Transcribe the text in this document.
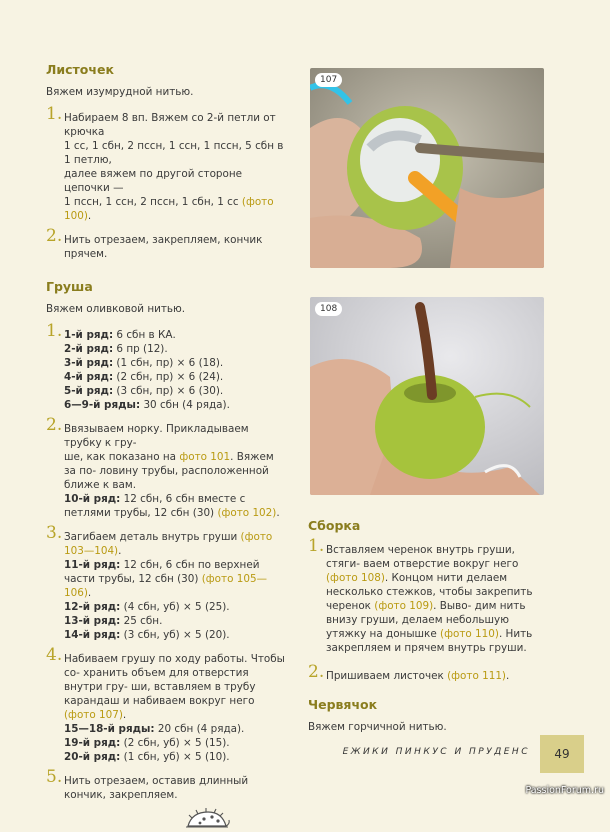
Листочек
Вяжем изумрудной нитью.
1. Набираем 8 вп. Вяжем со 2-й петли от крючка
1 сс, 1 сбн, 2 пссн, 1 ссн, 1 пссн, 5 сбн в 1 петлю,
далее вяжем по другой стороне цепочки —
1 пссн, 1 ссн, 2 пссн, 1 сбн, 1 сс (фото 100).
2. Нить отрезаем, закрепляем, кончик прячем.
Груша
Вяжем оливковой нитью.
1. 1-й ряд: 6 сбн в КА.
2-й ряд: 6 пр (12).
3-й ряд: (1 сбн, пр) × 6 (18).
4-й ряд: (2 сбн, пр) × 6 (24).
5-й ряд: (3 сбн, пр) × 6 (30).
6—9-й ряды: 30 сбн (4 ряда).
2. Ввязываем норку. Прикладываем трубку к гру-
ше, как показано на фото 101. Вяжем за по- ловину трубы, расположенной ближе к вам.
10-й ряд: 12 сбн, 6 сбн вместе с петлями трубы, 12 сбн (30) (фото 102).
3. Загибаем деталь внутрь груши (фото 103—104).
11-й ряд: 12 сбн, 6 сбн по верхней части трубы, 12 сбн (30) (фото 105—106).
12-й ряд: (4 сбн, уб) × 5 (25).
13-й ряд: 25 сбн.
14-й ряд: (3 сбн, уб) × 5 (20).
4. Набиваем грушу по ходу работы. Чтобы со- хранить объем для отверстия внутри гру- ши, вставляем в трубу карандаш и набиваем вокруг него (фото 107).
15—18-й ряды: 20 сбн (4 ряда).
19-й ряд: (2 сбн, уб) × 5 (15).
20-й ряд: (1 сбн, уб) × 5 (10).
5. Нить отрезаем, оставив длинный кончик, закрепляем.
107
108
Сборка
1. Вставляем черенок внутрь груши, стяги- ваем отверстие вокруг него (фото 108). Концом нити делаем несколько стежков, чтобы закрепить черенок (фото 109). Выво- дим нить внизу груши, делаем небольшую утяжку на донышке (фото 110). Нить закрепляем и прячем внутрь груши.
2. Пришиваем листочек (фото 111).
Червячок
Вяжем горчичной нитью.
ЕЖИКИ ПИНКУС И ПРУДЕНС	49
PassionForum.ru
